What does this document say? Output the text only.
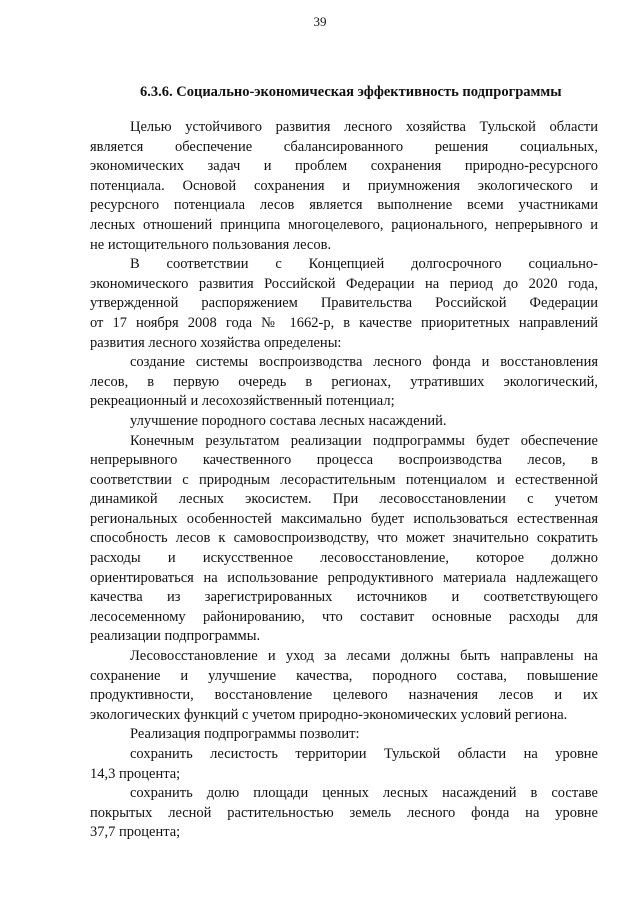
39
6.3.6. Социально-экономическая эффективность подпрограммы
Целью устойчивого развития лесного хозяйства Тульской области
является обеспечение сбалансированного решения социальных,
экономических задач и проблем сохранения природно-ресурсного
потенциала. Основой сохранения и приумножения экологического и
ресурсного потенциала лесов является выполнение всеми участниками
лесных отношений принципа многоцелевого, рационального, непрерывного и
не истощительного пользования лесов.
В соответствии с Концепцией долгосрочного социально-
экономического развития Российской Федерации на период до 2020 года,
утвержденной распоряжением Правительства Российской Федерации
от 17 ноября 2008 года № 1662-р, в качестве приоритетных направлений
развития лесного хозяйства определены:
создание системы воспроизводства лесного фонда и восстановления
лесов, в первую очередь в регионах, утративших экологический,
рекреационный и лесохозяйственный потенциал;
улучшение породного состава лесных насаждений.
Конечным результатом реализации подпрограммы будет обеспечение
непрерывного качественного процесса воспроизводства лесов, в
соответствии с природным лесорастительным потенциалом и естественной
динамикой лесных экосистем. При лесовосстановлении с учетом
региональных особенностей максимально будет использоваться естественная
способность лесов к самовоспроизводству, что может значительно сократить
расходы и искусственное лесовосстановление, которое должно
ориентироваться на использование репродуктивного материала надлежащего
качества из зарегистрированных источников и соответствующего
лесосеменному районированию, что составит основные расходы для
реализации подпрограммы.
Лесовосстановление и уход за лесами должны быть направлены на
сохранение и улучшение качества, породного состава, повышение
продуктивности, восстановление целевого назначения лесов и их
экологических функций с учетом природно-экономических условий региона.
Реализация подпрограммы позволит:
сохранить лесистость территории Тульской области на уровне
14,3 процента;
сохранить долю площади ценных лесных насаждений в составе
покрытых лесной растительностью земель лесного фонда на уровне
37,7 процента;
